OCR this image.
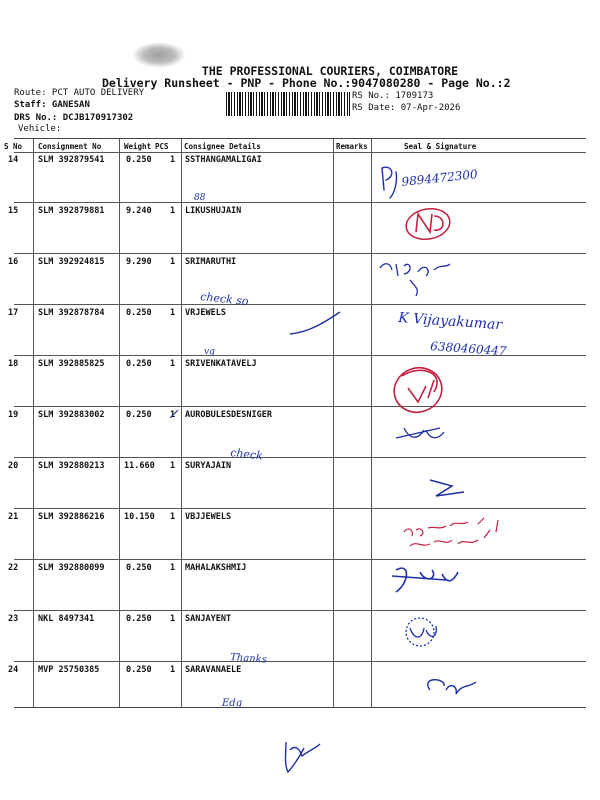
THE PROFESSIONAL COURIERS, COIMBATORE
Delivery Runsheet - PNP - Phone No.:9047080280 - Page No.:2
Route: PCT AUTO DELIVERY
Staff: GANESAN
DRS No.: DCJB170917302
Vehicle:
RS No.: 1709173
RS Date: 07-Apr-2026
S No Consignment No	Weight PCS Consignee Details	Remarks	Seal & Signature
14 SLM 392879541	0.250 1 SSTHANGAMALIGAI
15 SLM 392879881	9.240 1 LIKUSHUJAIN
16 SLM 392924815	9.290 1 SRIMARUTHI
17 SLM 392878784	0.250 1 VRJEWELS
18 SLM 392885825	0.250 1 SRIVENKATAVELJ
19 SLM 392883002	0.250 1 AUROBULESDESNIGER
20 SLM 392880213 11.660 1 SURYAJAIN
21 SLM 392886216 10.150 1 VBJJEWELS
22 SLM 392880099	0.250 1 MAHALAKSHMIJ
23 NKL 8497341	0.250 1 SANJAYENT
24 MVP 25750385	0.250 1 SARAVANAELE
9894472300
88
check so
K Vijayakumar
6380460447
vg
check
Thanks
Edg
